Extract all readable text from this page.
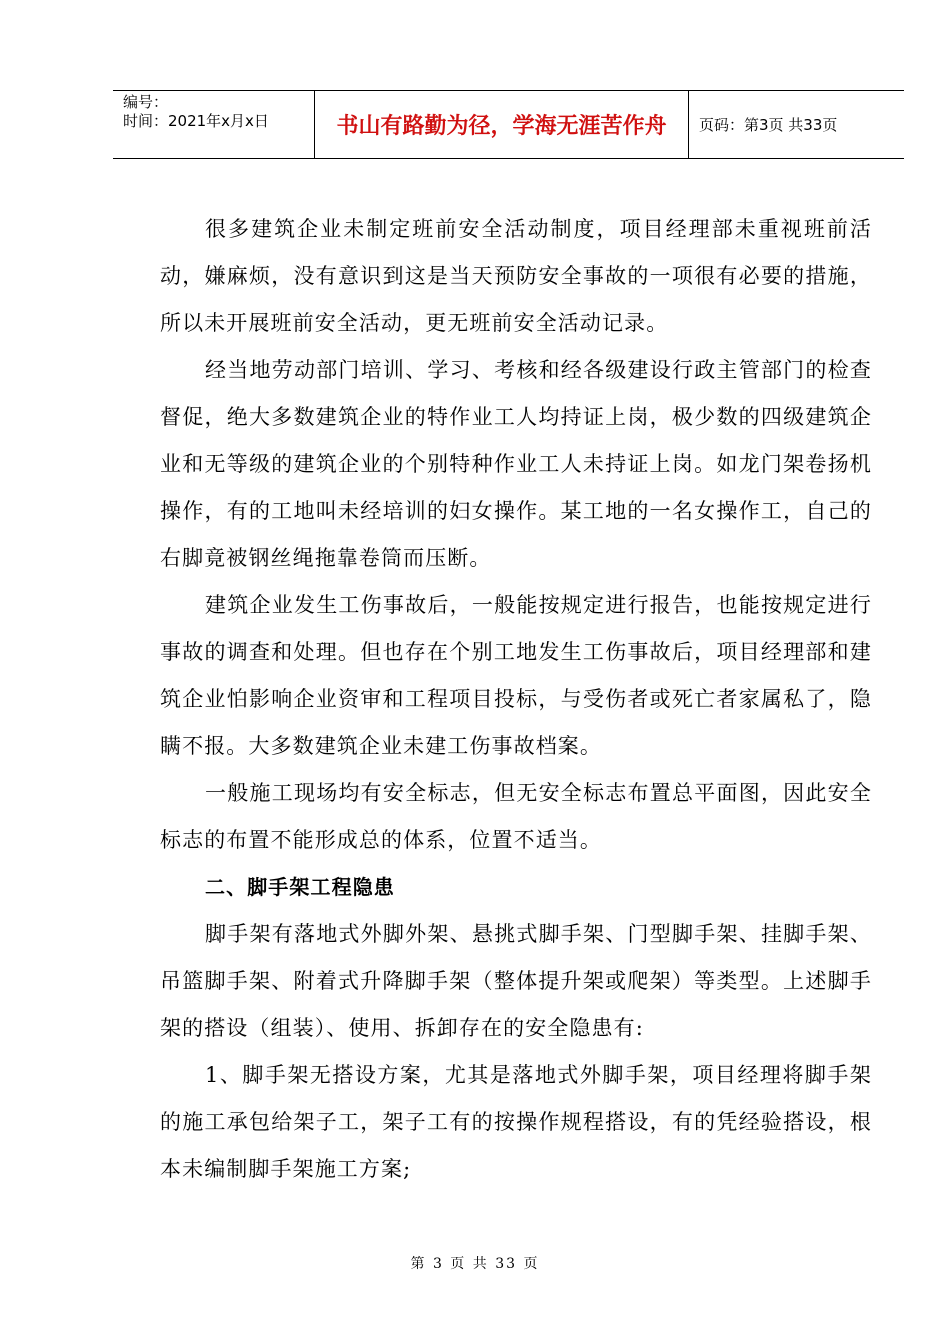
编号：
时间：2021年x月x日	书山有路勤为径，学海无涯苦作舟	页码：第3页 共33页

很多建筑企业未制定班前安全活动制度，项目经理部未重视班前活动，嫌麻烦，没有意识到这是当天预防安全事故的一项很有必要的措施，所以未开展班前安全活动，更无班前安全活动记录。

经当地劳动部门培训、学习、考核和经各级建设行政主管部门的检查督促，绝大多数建筑企业的特作业工人均持证上岗，极少数的四级建筑企业和无等级的建筑企业的个别特种作业工人未持证上岗。如龙门架卷扬机操作，有的工地叫未经培训的妇女操作。某工地的一名女操作工，自己的右脚竟被钢丝绳拖靠卷筒而压断。

建筑企业发生工伤事故后，一般能按规定进行报告，也能按规定进行事故的调查和处理。但也存在个别工地发生工伤事故后，项目经理部和建筑企业怕影响企业资审和工程项目投标，与受伤者或死亡者家属私了，隐瞒不报。大多数建筑企业未建工伤事故档案。

一般施工现场均有安全标志，但无安全标志布置总平面图，因此安全标志的布置不能形成总的体系，位置不适当。

二、脚手架工程隐患

脚手架有落地式外脚外架、悬挑式脚手架、门型脚手架、挂脚手架、吊篮脚手架、附着式升降脚手架（整体提升架或爬架）等类型。上述脚手架的搭设（组装）、使用、拆卸存在的安全隐患有:

1、脚手架无搭设方案，尤其是落地式外脚手架，项目经理将脚手架的施工承包给架子工，架子工有的按操作规程搭设，有的凭经验搭设，根本未编制脚手架施工方案;

第 3 页 共 33 页
